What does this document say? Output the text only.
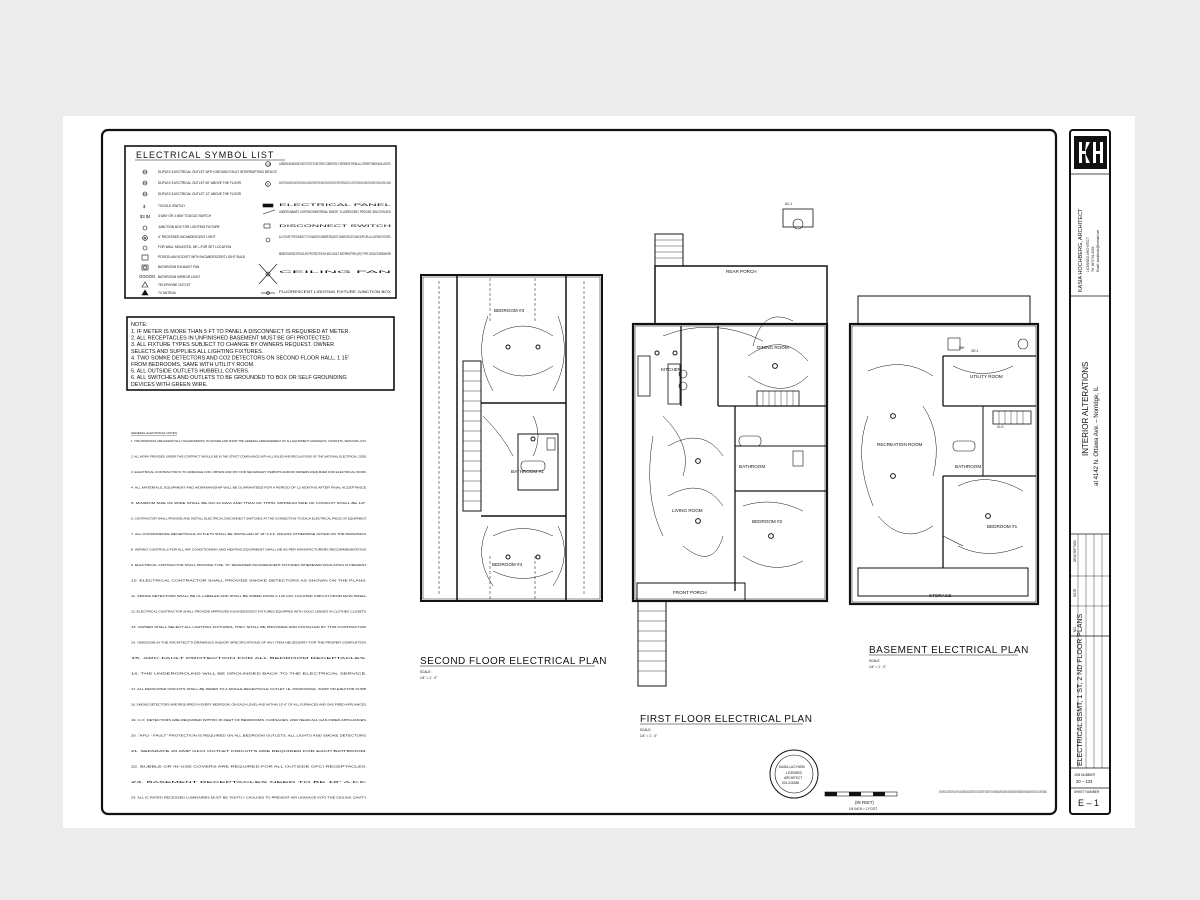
ELECTRICAL SYMBOL LIST
DUPLEX ELECTRICAL OUTLET WITH GROUND FAULT INTERRUPTING DEVICE
DUPLEX ELECTRICAL OUTLET 60" ABOVE THE FLOOR
DUPLEX ELECTRICAL OUTLET 12" ABOVE THE FLOOR
TOGGLE SWITCH
3 WAY OR 4 WAY TOGGLE SWITCH
JUNCTION BOX FOR LIGHTING FIXTURE
4" RECESSED INCANDESCENT LIGHT
FOR WALL MOUNTED, 6IF—FOR SET LOCATION
PORCELAIN SOCKET WITH INCANDESCENT LIGHT BULB
BATHROOM EXHAUST FAN
BATHROOM MIRROR LIGHT
TELEPHONE OUTLET
TV ANTENA
CARBON MONOXIDE DETECTOR TO BE FEED COMPLETELY SEPARATE FROM ALL OTHER POWER AND LIGHTS.
SMOKE DETECTOR CEILING MOUNTED AT LEAST 6 INCHES FROM ANY WALL, CONTINUOUSLY POWERED FROM THE HOUSE ELECTRICAL SOURCE SMOKE DETECTOR WITH POWER INDICATOR LIGHT. ALL DETECTORS TO BE WIRED IN SUCH MANNER THAT ACTIVATION OF THE ONE WILL ACTIVATE ALL THE ALARMS.
ELECTRICAL PANEL
UNDERCABINET LIGHTING W/INTERNAL SWICHT, FLUORESCENT, PROVIDE JUNCTION BOX
DISCONNECT SWITCH
ALL FIXTURE TYPES SUBJECT TO CHANGE BY OWNERS REQUEST. OWNER SELECTS AND SUPPLIES ALL LIGHTING FIXTURES.
BEDROOM RECEPTACLES PROTECTED BY ARC-FAULT INTERRUPTER (AFI) TYPE CIRCUIT BREAKERS
CEILING FAN
FLUORESCENT LIGHTING FIXTURE JUNCTION BOX
$
$3 $4
OOOOO
CO
S
NOTE:
1. IF METER IS MORE THAN 5 FT TO PANEL A DISCONNECT IS REQUIRED AT METER.
2. ALL RECEPTACLES IN UNFINISHED BASEMENT MUST BE GFI PROTECTED.
3. ALL FIXTURE TYPES SUBJECT TO CHANGE BY OWNERS REQUEST. OWNER
SELECTS AND SUPPLIES ALL LIGHTING FIXTURES.
4. TWO SOMKE DETECTORS AND CO2 DETECTORS ON SECOND FLOOR HALL, 1 15'
FROM BEDROOMS, SAME WITH UTILITY ROOM.
5. ALL OUTSIDE OUTLETS HUBBELL COVERS.
6. ALL SWITCHES AND OUTLETS TO BE GROUNDED TO BOX OR SELF GROUNDING
DEVICES WITH GREEN WIRE.
GENERAL ELECTRICAL NOTES
1. THE DRAWINGS ARE ESSENTIALLY DIAGRAMMATIC IN NATURE AND SHOW THE GENERAL ARRANGEMENT OF ALL EQUIPMENT, RACEWAYS, CONDUITS, SERVICES, ETC.
2. ALL WORK PROVIDED UNDER THIS CONTRACT SHOULD BE IN THE STRICT COMPLIANCE WITH ALL RULES AND REGULATIONS OF THE NATIONAL ELECTRICAL CODE.
3. ELECTRICAL CONTRACTOR IS TO ARRANGE FOR, OBTAIN AND PAY FOR NECESSARY PERMITS AND/OR ORDERS REQUIRED FOR ELECTRICAL WORK.
4. ALL MATERIALS, EQUIPMENT AND WORKMANSHIP WILL BE GUARANTEED FOR A PERIOD OF 12 MONTHS AFTER FINAL ACCEPTANCE.
5. MINIMUM SIZE OF WIRE SHALL BE NO.12 AWG AND THAN OF THHN, MINIMUM SIZE OF CONDUIT SHALL BE 1/2".
6. CONTRACTOR SHALL PROVIDE AND INSTALL ELECTRICAL DISCONNECT SWITCHES AT THE CONNECTION TO EACH ELECTRICAL PIECE OF EQUIPMENT.
7. ALL CONVENIENCE RECEPTACLE OUTLETS SHALL BE INSTALLED AT 18" A.F.F. UNLESS OTHERWISE NOTED ON THE DRAWINGS.
8. WIRING CONTROLS FOR ALL AIR CONDITIONING AND HEATING EQUIPMENT SHALL BE AS PER MANUFACTURERS RECOMMENDATIONS.
9. ELECTRICAL CONTRACTOR SHALL PROVIDE TYPE "IC" RECESSED INCANDESCENT FIXTURES WHEREVER INSULATION IS PRESENT.
10. ELECTRICAL CONTRACTOR SHALL PROVIDE SMOKE DETECTORS AS SHOWN ON THE PLANS.
11. SMOKE DETECTORS SHALL BE UL LABELED AND SHALL BE WIRED FROM A 120 VAC LOCATED CIRCUIT FROM MAIN PANEL.
12. ELECTRICAL CONTRACTOR SHALL PROVIDE APPROVED INCANDESCENT FIXTURES EQUIPPED WITH SOLID LENSES IN CLOTHES CLOSETS.
13. OWNER SHALL SELECT ALL LIGHTING FIXTURES, THEY SHALL BE PROVIDED AND INSTALLED BY THIS CONTRACTOR.
14. OMISSION IN THE ARCHITECT'S DRAWINGS AND/OR SPECIFICATIONS OF ANY ITEM NECESSARY FOR THE PROPER COMPLETION.
15. ARC-FAULT PROTECTION FOR ALL BEDROOM RECEPTACLES.
16. THE UNDERGROUND WILL BE GROUNDED BACK TO THE ELECTRICAL SERVICE.
17. ALL DEDICATED CIRCUITS SHALL BE WIRED TO A SINGLE RECEPTACLE OUTLET I.E. MICROWAVE, SUMP OR EJECTOR PUMP.
18. SMOKE DETECTORS ARE REQUIRED IN EVERY BEDROOM, ON EACH LEVEL AND WITHIN 15'-0" OF ALL FURNACES AND GAS FIRED APPLIANCES.
19. C.O. DETECTORS ARE REQUIRED WITHIN 15 FEET OF BEDROOMS, FURNACES, AND NEAR ALL GAS FIRED APPLIANCES.
20. "AFCI - FAULT" PROTECTION IS REQUIRED ON ALL BEDROOM OUTLETS, ALL LIGHTS AND SMOKE DETECTORS.
21. SEPARATE 20 AMP GFCI OUTLET CIRCUITS ARE REQUIRED FOR EACH BATHROOM.
22. BUBBLE OR IN-USE COVERS ARE REQUIRED FOR ALL OUTSIDE GFCI RECEPTACLES.
23. BASEMENT RECEPTACLES NEED TO BE 18" A.F.F.
24. ALL IC RATED RECESSED LUMINAIRES MUST BE TIGHTLY CAULKED TO PREVENT AIR LEAKAGE INTO THE CEILING CAVITY.
BEDROOM #3
BATHROOM #1
BEDROOM #4
SECOND FLOOR ELECTRICAL PLAN
SCALE:
1/4" = 1' - 0"
AC-1
REAR PORCH
DINING ROOM
KITCHEN
BATHROOM
LIVING ROOM
BEDROOM #2
FRONT PORCH
FIRST FLOOR ELECTRICAL PLAN
SCALE:
1/4" = 1' - 0"
WH
GE-1
UTILITY ROOM
RECREATION ROOM
BATHROOM
BEDROOM #1
STORAGE
CLO
BASEMENT ELECTRICAL PLAN
SCALE:
1/4" = 1' - 0"
KASIA LUCYNSKI
LICENSED
ARCHITECT
001-015458
(IN FEET)
1/4 INCH = 1 FOOT
FIELD VERIFICATION: CONTRACTOR SHALL VERIFY ALL FIELD DIMENSIONS AND CONDITIONS AT THE JOB SITE AND NOTIFY THE ARCHITECT OF ANY DIMENSIONAL ERRORS, OMISSIONS OR DISCREPANCIES BEFORE BEGINNING OF FABRICATING ANY WORK. DO NOT SCALE THESE DRAWINGS.
KASIA HOCHBERG, ARCHITECT LICENSED ARCHITECT Tel. 847/794-3204 Email: kasiaholo@hotmail.net
INTERIOR ALTERATIONS at 4142 N. Ottawa Ave. – Norridge, IL
NO.
DATE
DESCRIPTION
ELECTRICAL BSMT, 1 ST, 2 ND FLOOR PLANS
JOB NUMBER
20 – 133
SHEET NUMBER
E – 1
